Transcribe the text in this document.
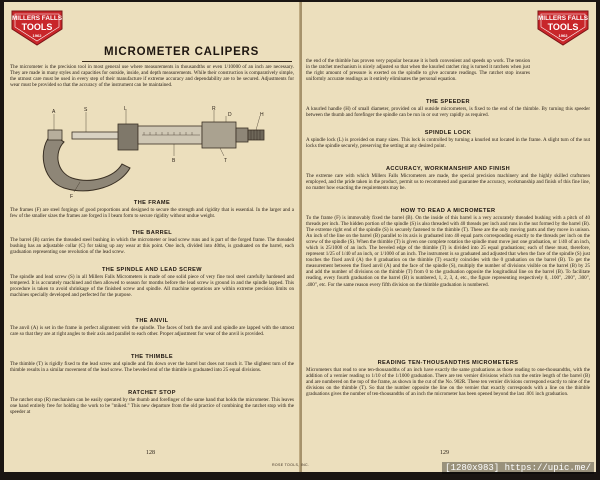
MILLERS FALLS
TOOLS
1962
MICROMETER CALIPERS
The micrometer is the precision tool in most general use where measurements in thousandths or even 1/10000 of an inch are necessary. They are made in many styles and capacities for outside, inside, and depth measurements. While their construction is comparatively simple, the utmost care must be used in every step of their manufacture if extreme accuracy and dependability are to be secured. Adjustments for wear must be provided so that the accuracy of the instrument can be maintained.
A	S	L	R
D	H
F
B	T
THE FRAME

The frames (F) are steel forgings of good proportions and designed to secure the strength and rigidity that is essential. In the larger and a few of the smaller sizes the frames are forged in I beam form to secure rigidity without undue weight.

THE BARREL

The barrel (B) carries the threaded steel bushing in which the micrometer or lead screw runs and is part of the forged frame. The threaded bushing has an adjustable collar (C) for taking up any wear at this point. One inch, divided into 40ths, is graduated on the barrel, each graduation representing one revolution of the lead screw.

THE SPINDLE AND LEAD SCREW

The spindle and lead screw (S) in all Millers Falls Micrometers is made of one solid piece of very fine tool steel carefully hardened and tempered. It is accurately machined and then allowed to season for months before the lead screw is ground in and the spindle lapped. This procedure is taken to avoid shrinkage of the finished screw and spindle. All machine operations are within extreme precision limits on machines specially developed and perfected for the purpose.

THE ANVIL

The anvil (A) is set in the frame in perfect alignment with the spindle. The faces of both the anvil and spindle are lapped with the utmost care so that they are at right angles to their axis and parallel to each other. Proper adjustment for wear of the anvil is provided.

THE THIMBLE

The thimble (T) is rigidly fixed to the lead screw and spindle and fits down over the barrel but does not touch it. The slightest turn of the thimble results in a similar movement of the lead screw. The beveled end of the thimble is graduated into 25 equal divisions.

RATCHET STOP

The ratchet stop (R) mechanism can be easily operated by the thumb and forefinger of the same hand that holds the micrometer. This leaves one hand entirely free for holding the work to be "miked." This new departure from the old practice of combining the ratchet stop with the speeder at

128
MILLERS FALLS
TOOLS
1962

the end of the thimble has proven very popular because it is both convenient and speeds up work. The tension in the ratchet mechanism is nicely adjusted so that when the knurled ratchet ring is turned it ratchets when just the right amount of pressure is exerted on the spindle to give accurate readings. The ratchet stop insures uniformly accurate readings as it entirely eliminates the personal equation.

THE SPEEDER

A knurled handle (H) of small diameter, provided on all outside micrometers, is fixed to the end of the thimble. By turning this speeder between the thumb and forefinger the spindle can be run in or out very rapidly as required.

SPINDLE LOCK

A spindle lock (L) is provided on many sizes. This lock is controlled by turning a knurled nut located in the frame. A slight turn of the nut locks the spindle securely, preserving the setting at any desired point.

ACCURACY, WORKMANSHIP AND FINISH

The extreme care with which Millers Falls Micrometers are made, the special precision machinery and the highly skilled craftsmen employed, and the pride taken in the product, permit us to recommend and guarantee the accuracy, workmanship and finish of this fine line, no matter how exacting the requirements may be.

HOW TO READ A MICROMETER

To the frame (F) is immovably fixed the barrel (B). On the inside of this barrel is a very accurately threaded bushing with a pitch of 40 threads per inch. The hidden portion of the spindle (S) is also threaded with 40 threads per inch and runs in the nut formed by the barrel (B). The extreme right end of the spindle (S) is securely fastened to the thimble (T). These are the only moving parts and they move in unison. An inch of the line on the barrel (B) parallel to its axis is graduated into 40 equal parts corresponding exactly to the threads per inch on the screw of the spindle (S). When the thimble (T) is given one complete rotation the spindle must move just one graduation, or 1/40 of an inch, which is 25/1000 of an inch. The beveled edge of the thimble (T) is divided into 25 equal graduations; each of these must, therefore, represent 1/25 of 1/40 of an inch, or 1/1000 of an inch. The instrument is so graduated and adjusted that when the face of the spindle (S) just touches the fixed anvil (A) the 0 graduation on the thimble (T) exactly coincides with the 0 graduation on the barrel (B). To get the measurement between the fixed anvil (A) and the face of the spindle (S), multiply the number of divisions visible on the barrel (B) by 25 and add the number of divisions on the thimble (T) from 0 to the graduation opposite the longitudinal line on the barrel (B). To facilitate reading, every fourth graduation on the barrel (B) is numbered, 1, 2, 3, 4, etc., the figure representing respectively 0, .100", .200", .300", .400", etc. For the same reason every fifth division on the thimble graduation is numbered.

READING TEN-THOUSANDTHS MICROMETERS

Micrometers that read to one ten-thousandths of an inch have exactly the same graduations as those reading to one-thousandths, with the addition of a vernier reading to 1/10 of the 1/1000 graduation. There are ten vernier divisions which run the entire length of the barrel (B) and are numbered on the top of the frame, as shown in the cut of the No. 902R. These ten vernier divisions correspond exactly to nine of the divisions on the thimble (T). So that the number opposite the line on the vernier that exactly corresponds with a line on the thimble graduations gives the number of ten-thousandths of an inch the micrometer has been opened beyond the last .001 inch graduation.

129
ROSE TOOLS, INC.	[1280x983] https://upic.me/
